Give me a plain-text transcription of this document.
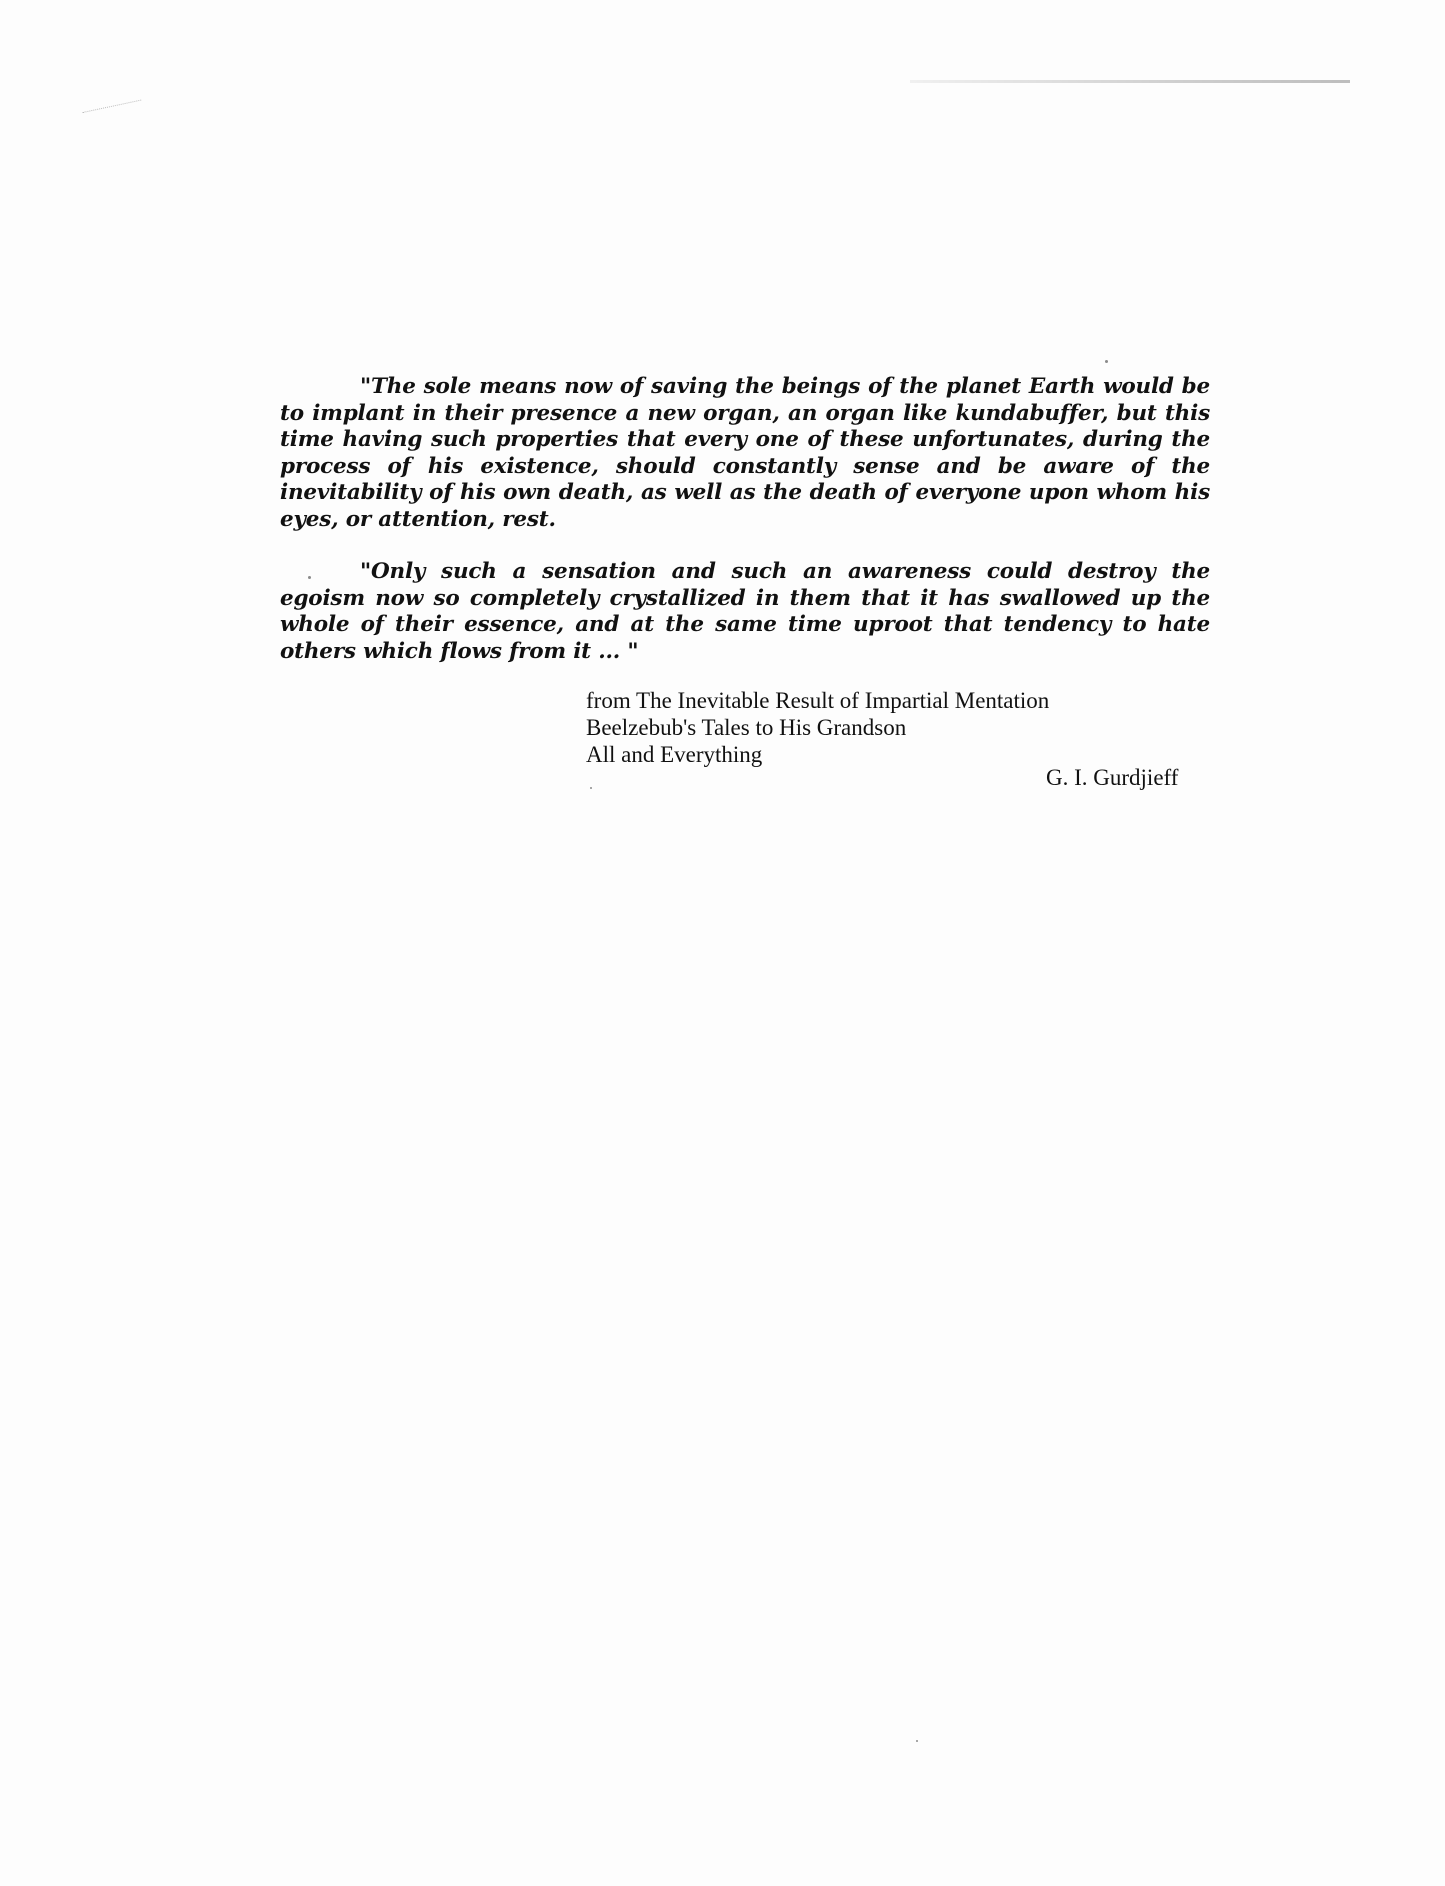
"The sole means now of saving the beings of the planet Earth would be to implant in their presence a new organ, an organ like kundabuffer, but this time having such properties that every one of these unfortunates, during the process of his existence, should constantly sense and be aware of the inevitability of his own death, as well as the death of everyone upon whom his eyes, or attention, rest.

"Only such a sensation and such an awareness could destroy the egoism now so completely crystallized in them that it has swallowed up the whole of their essence, and at the same time uproot that tendency to hate others which flows from it ... "

from The Inevitable Result of Impartial Mentation
Beelzebub's Tales to His Grandson
All and Everything
G. I. Gurdjieff
